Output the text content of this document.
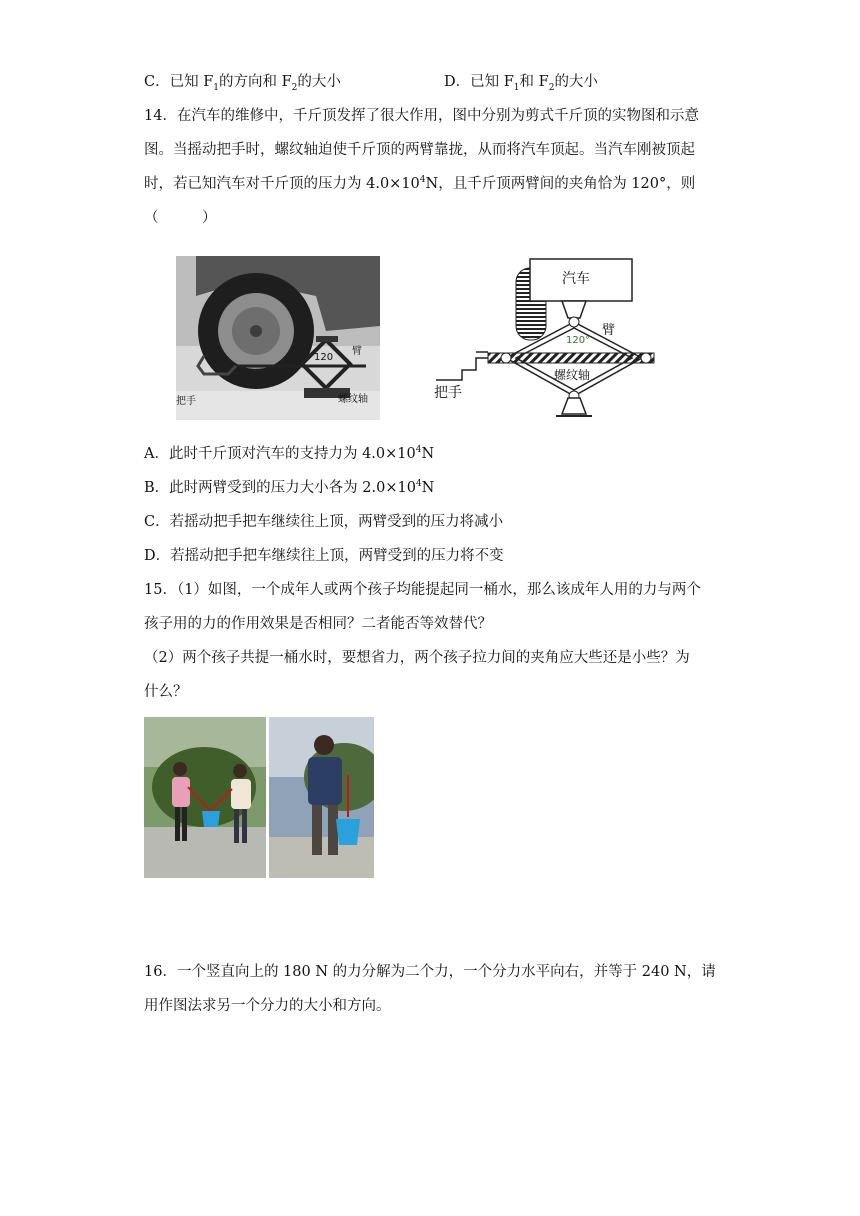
C．已知 $F_1$的方向和 $F_2$的大小	D．已知 $F_1$和 $F_2$的大小
14．在汽车的维修中，千斤顶发挥了很大作用，图中分别为剪式千斤顶的实物图和示意
图。当摇动把手时，螺纹轴迫使千斤顶的两臂靠拢，从而将汽车顶起。当汽车刚被顶起
时，若已知汽车对千斤顶的压力为 $4.0\times 10^4N$，且千斤顶两臂间的夹角恰为 120°，则
（　　　）
120
臂
把手	螺纹轴
汽车
臂
120°
螺纹轴
把手
A．此时千斤顶对汽车的支持力为 $4.0\times 10^4N$
B．此时两臂受到的压力大小各为 $2.0\times 10^4N$
C．若摇动把手把车继续往上顶，两臂受到的压力将减小
D．若摇动把手把车继续往上顶，两臂受到的压力将不变
15．（1）如图，一个成年人或两个孩子均能提起同一桶水，那么该成年人用的力与两个
孩子用的力的作用效果是否相同？二者能否等效替代？
（2）两个孩子共提一桶水时，要想省力，两个孩子拉力间的夹角应大些还是小些？为
什么？
16．一个竖直向上的 180 N 的力分解为二个力，一个分力水平向右，并等于 240 N，请
用作图法求另一个分力的大小和方向。
